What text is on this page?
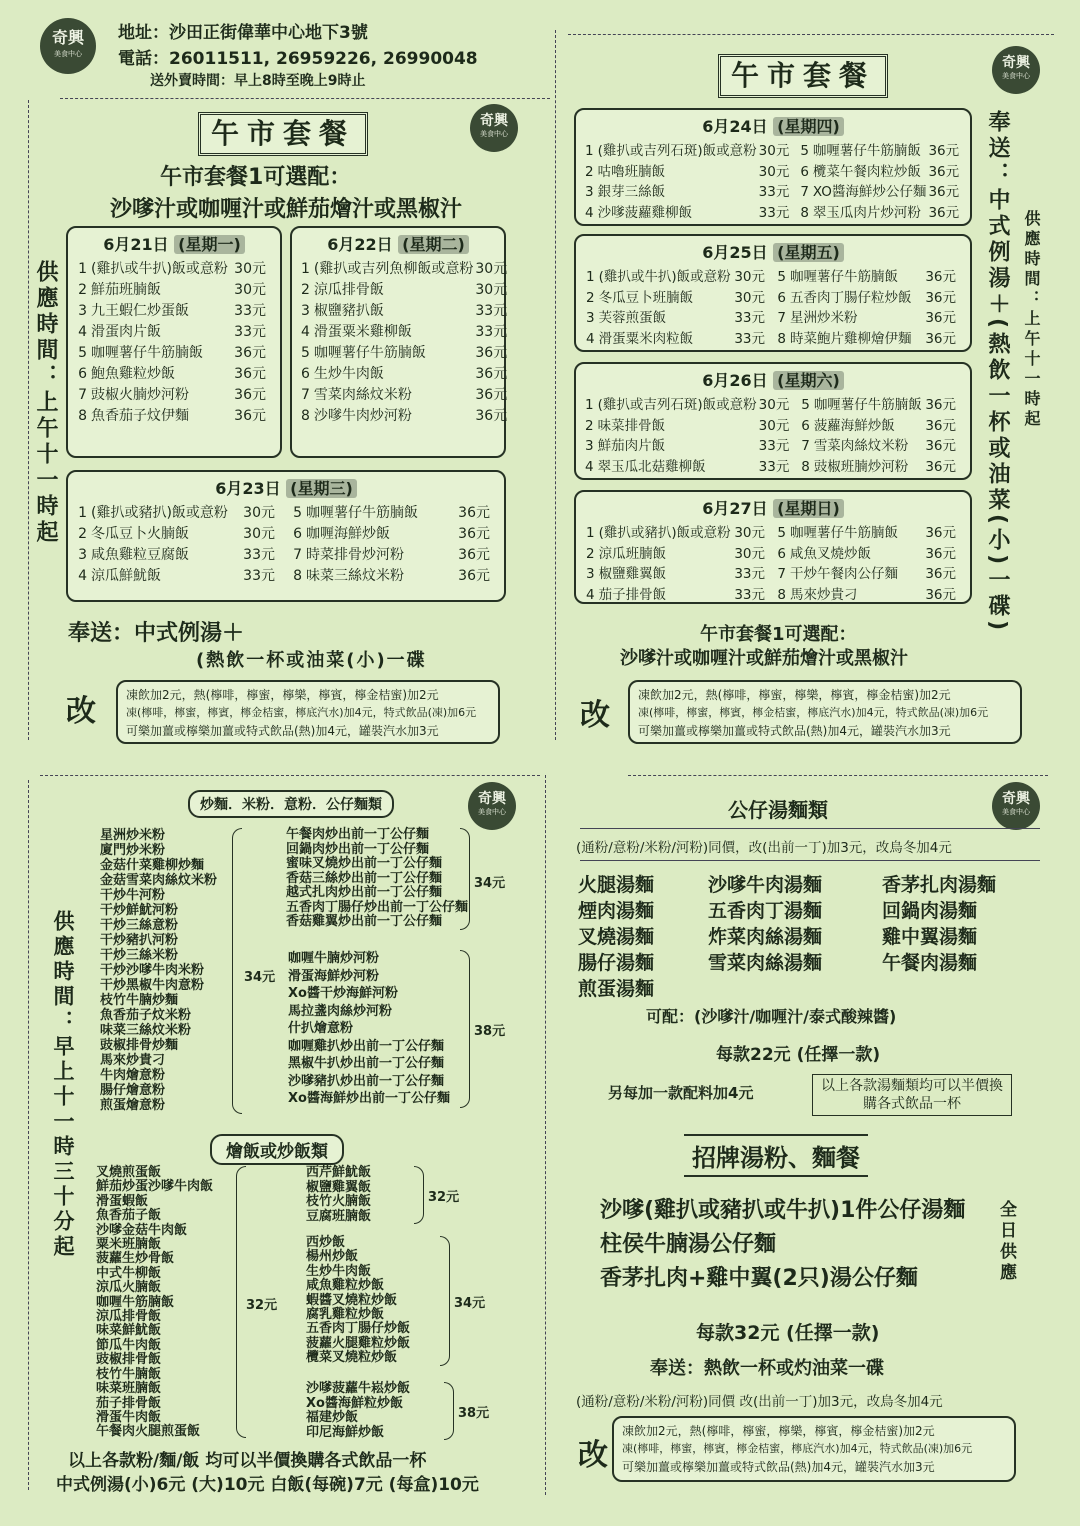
奇興
美食中心
地址：沙田正街偉華中心地下3號
電話：26011511, 26959226, 26990048
送外賣時間：早上8時至晚上9時止
午市套餐	奇興
美食中心
午市套餐1可選配：
沙嗲汁或咖喱汁或鮮茄燴汁或黑椒汁
供應時間：上午十一時起
6月21日 (星期一)
1	(雞扒或牛扒)飯或意粉	30元
2	鮮茄班腩飯	30元
3	九王蝦仁炒蛋飯	33元
4	滑蛋肉片飯	33元
5	咖喱薯仔牛筋腩飯	36元
6	鮑魚雞粒炒飯	36元
7	豉椒火腩炒河粉	36元
8	魚香茄子炆伊麵	36元
6月22日 (星期二)
1	(雞扒或吉列魚柳飯或意粉	30元
2	涼瓜排骨飯	30元
3	椒鹽豬扒飯	33元
4	滑蛋粟米雞柳飯	33元
5	咖喱薯仔牛筋腩飯	36元
6	生炒牛肉飯	36元
7	雪菜肉絲炆米粉	36元
8	沙嗲牛肉炒河粉	36元
6月23日 (星期三)
1	(雞扒或豬扒)飯或意粉	30元
2	冬瓜豆卜火腩飯	30元
3	咸魚雞粒豆腐飯	33元
4	涼瓜鮮魷飯	33元
5	咖喱薯仔牛筋腩飯	36元
6	咖喱海鮮炒飯	36元
7	時菜排骨炒河粉	36元
8	味菜三絲炆米粉	36元
奉送：中式例湯＋
(熱飲一杯或油菜(小)一碟
改	凍飲加2元，熱(檸啡，檸蜜，檸樂，檸賓，檸金桔蜜)加2元
凍(檸啡，檸蜜，檸賓，檸金桔蜜，檸底汽水)加4元，特式飲品(凍)加6元
可樂加薑或檸樂加薑或特式飲品(熱)加4元，罐裝汽水加3元
午市套餐	奇興
美食中心
6月24日 (星期四)
1	(雞扒或吉列石斑)飯或意粉	30元
2	咕嚕班腩飯	30元
3	銀芽三絲飯	33元
4	沙嗲菠蘿雞柳飯	33元
5	咖喱薯仔牛筋腩飯	36元
6	欖菜午餐肉粒炒飯	36元
7	XO醬海鮮炒公仔麵	36元
8	翠玉瓜肉片炒河粉	36元
6月25日 (星期五)
1	(雞扒或牛扒)飯或意粉	30元
2	冬瓜豆卜班腩飯	30元
3	芙蓉煎蛋飯	33元
4	滑蛋粟米肉粒飯	33元
5	咖喱薯仔牛筋腩飯	36元
6	五香肉丁腸仔粒炒飯	36元
7	星洲炒米粉	36元
8	時菜鮑片雞柳燴伊麵	36元
6月26日 (星期六)
1	(雞扒或吉列石斑)飯或意粉	30元
2	味菜排骨飯	30元
3	鮮茄肉片飯	33元
4	翠玉瓜北菇雞柳飯	33元
5	咖喱薯仔牛筋腩飯	36元
6	菠蘿海鮮炒飯	36元
7	雪菜肉絲炆米粉	36元
8	豉椒班腩炒河粉	36元
6月27日 (星期日)
1	(雞扒或豬扒)飯或意粉	30元
2	涼瓜班腩飯	30元
3	椒鹽雞翼飯	33元
4	茄子排骨飯	33元
5	咖喱薯仔牛筋腩飯	36元
6	咸魚叉燒炒飯	36元
7	干炒午餐肉公仔麵	36元
8	馬來炒貴刁	36元 奉送：中式例湯＋(熱飲一杯或油菜(小)一碟) 供應時間：上午十一時起
午市套餐1可選配：
沙嗲汁或咖喱汁或鮮茄燴汁或黑椒汁
改
凍飲加2元，熱(檸啡，檸蜜，檸樂，檸賓，檸金桔蜜)加2元
凍(檸啡，檸蜜，檸賓，檸金桔蜜，檸底汽水)加4元，特式飲品(凍)加6元
可樂加薑或檸樂加薑或特式飲品(熱)加4元，罐裝汽水加3元
炒麵．米粉．意粉．公仔麵類	奇興
美食中心
供應時間：早上十一時三十分起
星洲炒米粉
廈門炒米粉
金菇什菜雞柳炒麵
金菇雪菜肉絲炆米粉
干炒牛河粉
干炒鮮魷河粉
干炒三絲意粉
干炒豬扒河粉
干炒三絲米粉
干炒沙嗲牛肉米粉
干炒黑椒牛肉意粉
枝竹牛腩炒麵
魚香茄子炆米粉
味菜三絲炆米粉
豉椒排骨炒麵
馬來炒貴刁
牛肉燴意粉
腸仔燴意粉
煎蛋燴意粉
34元
午餐肉炒出前一丁公仔麵
回鍋肉炒出前一丁公仔麵
蜜味叉燒炒出前一丁公仔麵
香菇三絲炒出前一丁公仔麵
越式扎肉炒出前一丁公仔麵
五香肉丁腸仔炒出前一丁公仔麵
香菇雞翼炒出前一丁公仔麵
34元
咖喱牛腩炒河粉
滑蛋海鮮炒河粉
Xo醬干炒海鮮河粉
馬拉盞肉絲炒河粉
什扒燴意粉
咖喱雞扒炒出前一丁公仔麵
黑椒牛扒炒出前一丁公仔麵
沙嗲豬扒炒出前一丁公仔麵
Xo醬海鮮炒出前一丁公仔麵
38元
燴飯或炒飯類
叉燒煎蛋飯
鮮茄炒蛋沙嗲牛肉飯
滑蛋蝦飯
魚香茄子飯
沙嗲金菇牛肉飯
粟米班腩飯
菠蘿生炒骨飯
中式牛柳飯
涼瓜火腩飯
咖喱牛筋腩飯
涼瓜排骨飯
味菜鮮魷飯
節瓜牛肉飯
豉椒排骨飯
枝竹牛腩飯
味菜班腩飯
茄子排骨飯
滑蛋牛肉飯
午餐肉火腿煎蛋飯
32元
西芹鮮魷飯
椒鹽雞翼飯
枝竹火腩飯
豆腐班腩飯
32元
西炒飯
楊州炒飯
生炒牛肉飯
咸魚雞粒炒飯
蝦醬叉燒粒炒飯
腐乳雞粒炒飯
五香肉丁腸仔炒飯
菠蘿火腿雞粒炒飯
欖菜叉燒粒炒飯
34元
沙嗲菠蘿牛崧炒飯
Xo醬海鮮粒炒飯
福建炒飯
印尼海鮮炒飯
38元
以上各款粉/麵/飯 均可以半價換購各式飲品一杯
中式例湯(小)6元 (大)10元 白飯(每碗)7元 (每盒)10元
公仔湯麵類	奇興
美食中心
(通粉/意粉/米粉/河粉)同價，改(出前一丁)加3元，改烏冬加4元
火腿湯麵
煙肉湯麵
叉燒湯麵
腸仔湯麵
煎蛋湯麵
沙嗲牛肉湯麵
五香肉丁湯麵
炸菜肉絲湯麵
雪菜肉絲湯麵
香茅扎肉湯麵
回鍋肉湯麵
雞中翼湯麵
午餐肉湯麵
可配：(沙嗲汁/咖喱汁/泰式酸辣醬)
每款22元 (任擇一款)
另每加一款配料加4元	以上各款湯麵類均可以半價換購各式飲品一杯
招牌湯粉、麵餐
沙嗲(雞扒或豬扒或牛扒)1件公仔湯麵
柱侯牛腩湯公仔麵
香茅扎肉+雞中翼(2只)湯公仔麵	全日供應
每款32元 (任擇一款)
奉送：熱飲一杯或灼油菜一碟
(通粉/意粉/米粉/河粉)同價 改(出前一丁)加3元，改烏冬加4元
改
凍飲加2元，熱(檸啡，檸蜜，檸樂，檸賓，檸金桔蜜)加2元
凍(檸啡，檸蜜，檸賓，檸金桔蜜，檸底汽水)加4元，特式飲品(凍)加6元
可樂加薑或檸樂加薑或特式飲品(熱)加4元，罐裝汽水加3元
